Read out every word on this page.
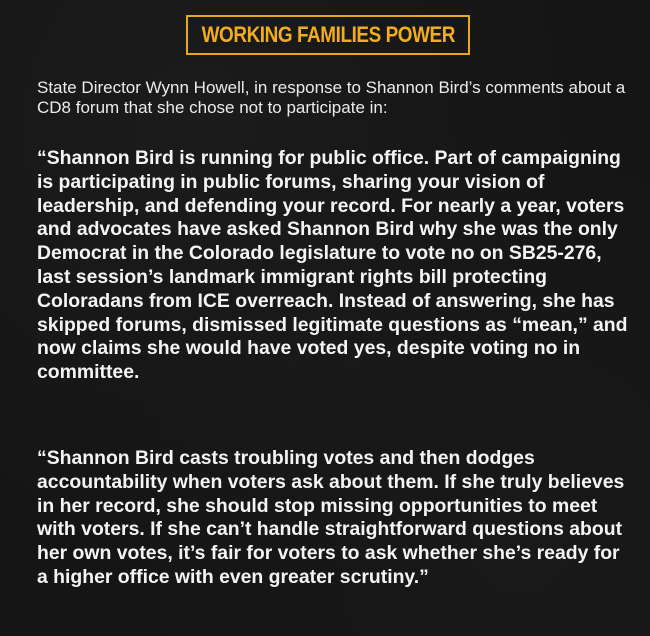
WORKING FAMILIES POWER

State Director Wynn Howell, in response to Shannon Bird’s comments about a CD8 forum that she chose not to participate in:

“Shannon Bird is running for public office. Part of campaigning is participating in public forums, sharing your vision of leadership, and defending your record. For nearly a year, voters and advocates have asked Shannon Bird why she was the only Democrat in the Colorado legislature to vote no on SB25-276, last session’s landmark immigrant rights bill protecting Coloradans from ICE overreach. Instead of answering, she has skipped forums, dismissed legitimate questions as “mean,” and now claims she would have voted yes, despite voting no in committee.

“Shannon Bird casts troubling votes and then dodges accountability when voters ask about them. If she truly believes in her record, she should stop missing opportunities to meet with voters. If she can’t handle straightforward questions about her own votes, it’s fair for voters to ask whether she’s ready for a higher office with even greater scrutiny.”
